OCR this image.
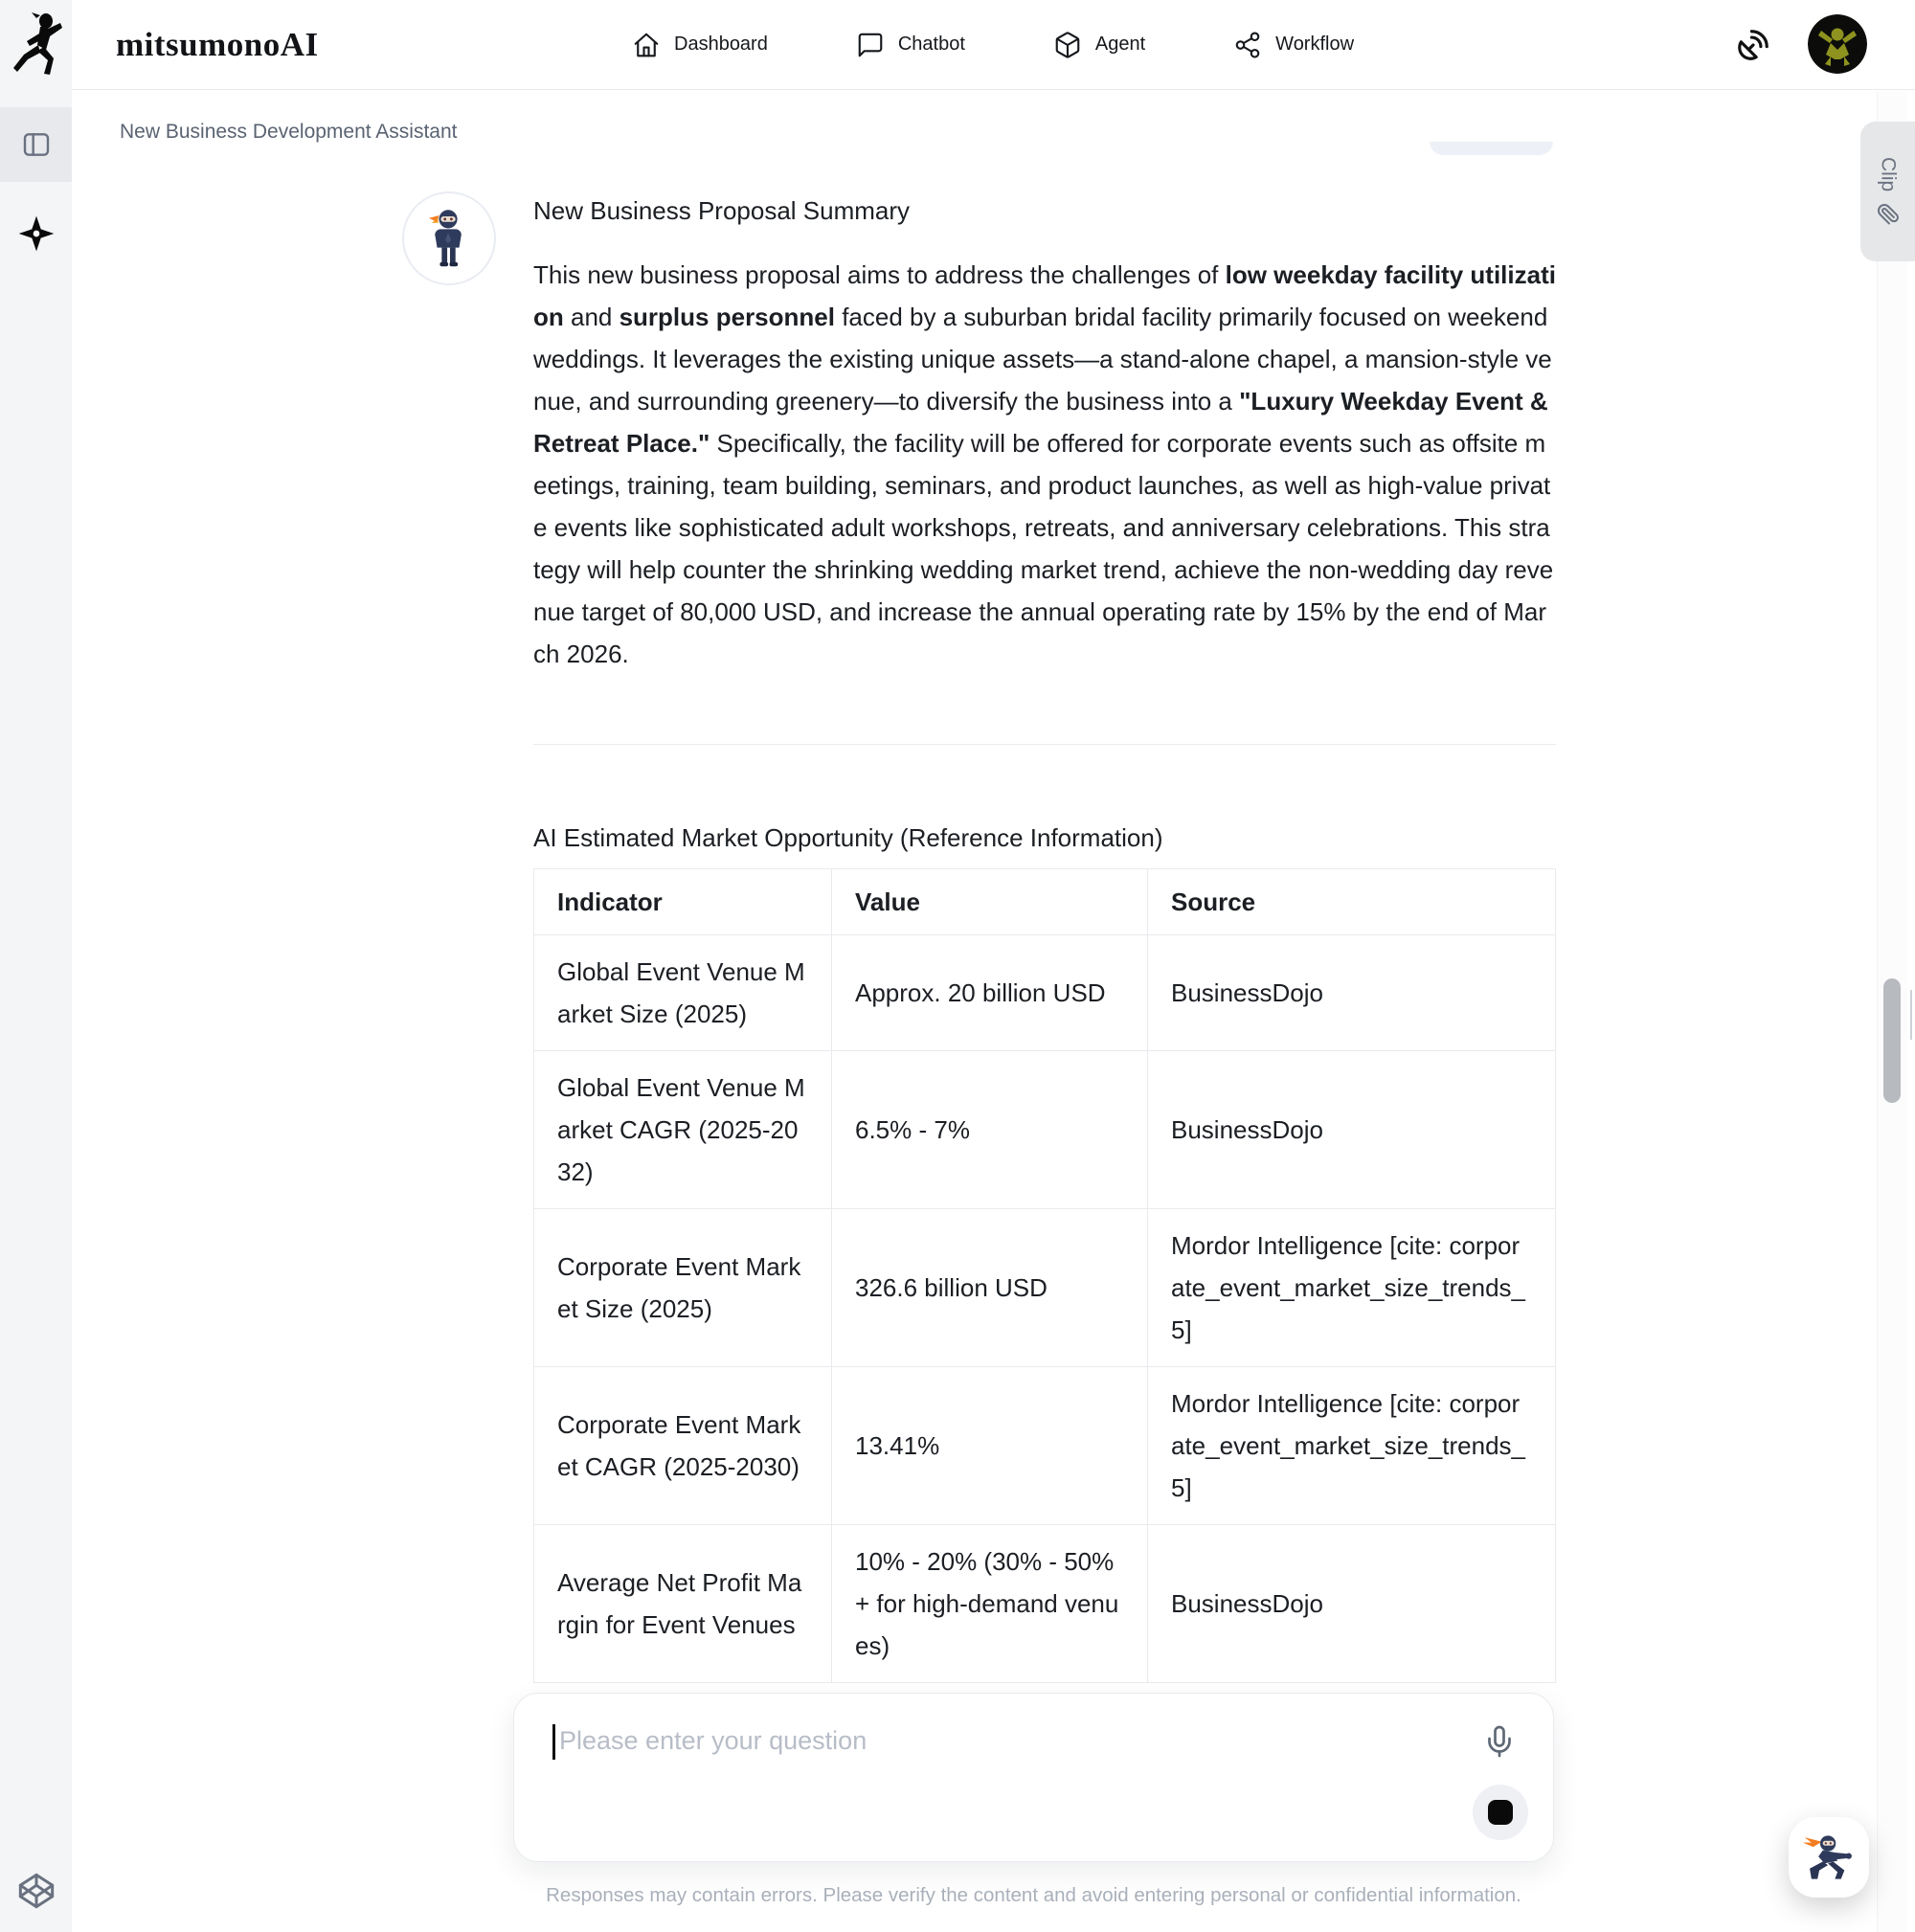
mitsumonoAI	Dashboard	Chatbot	Agent	Workflow
New Business Development Assistant
New Business Proposal Summary

This new business proposal aims to address the challenges of low weekday facility utilization and surplus personnel faced by a suburban bridal facility primarily focused on weekend weddings. It leverages the existing unique assets—a stand-alone chapel, a mansion-style venue, and surrounding greenery—to diversify the business into a "Luxury Weekday Event & Retreat Place." Specifically, the facility will be offered for corporate events such as offsite meetings, training, team building, seminars, and product launches, as well as high-value private events like sophisticated adult workshops, retreats, and anniversary celebrations. This strategy will help counter the shrinking wedding market trend, achieve the non-wedding day revenue target of 80,000 USD, and increase the annual operating rate by 15% by the end of March 2026.

AI Estimated Market Opportunity (Reference Information)
Indicator	Value	Source
Global Event Venue Market Size (2025)	Approx. 20 billion USD	BusinessDojo
Global Event Venue Market CAGR (2025-2032)	6.5% - 7%	BusinessDojo
Corporate Event Market Size (2025)	326.6 billion USD	Mordor Intelligence [cite: corporate_event_market_size_trends_5]
Corporate Event Market CAGR (2025-2030)	13.41%	Mordor Intelligence [cite: corporate_event_market_size_trends_5]
Average Net Profit Margin for Event Venues	10% - 20% (30% - 50%+ for high-demand venues)	BusinessDojo
Clip
Please enter your question
Responses may contain errors. Please verify the content and avoid entering personal or confidential information.
